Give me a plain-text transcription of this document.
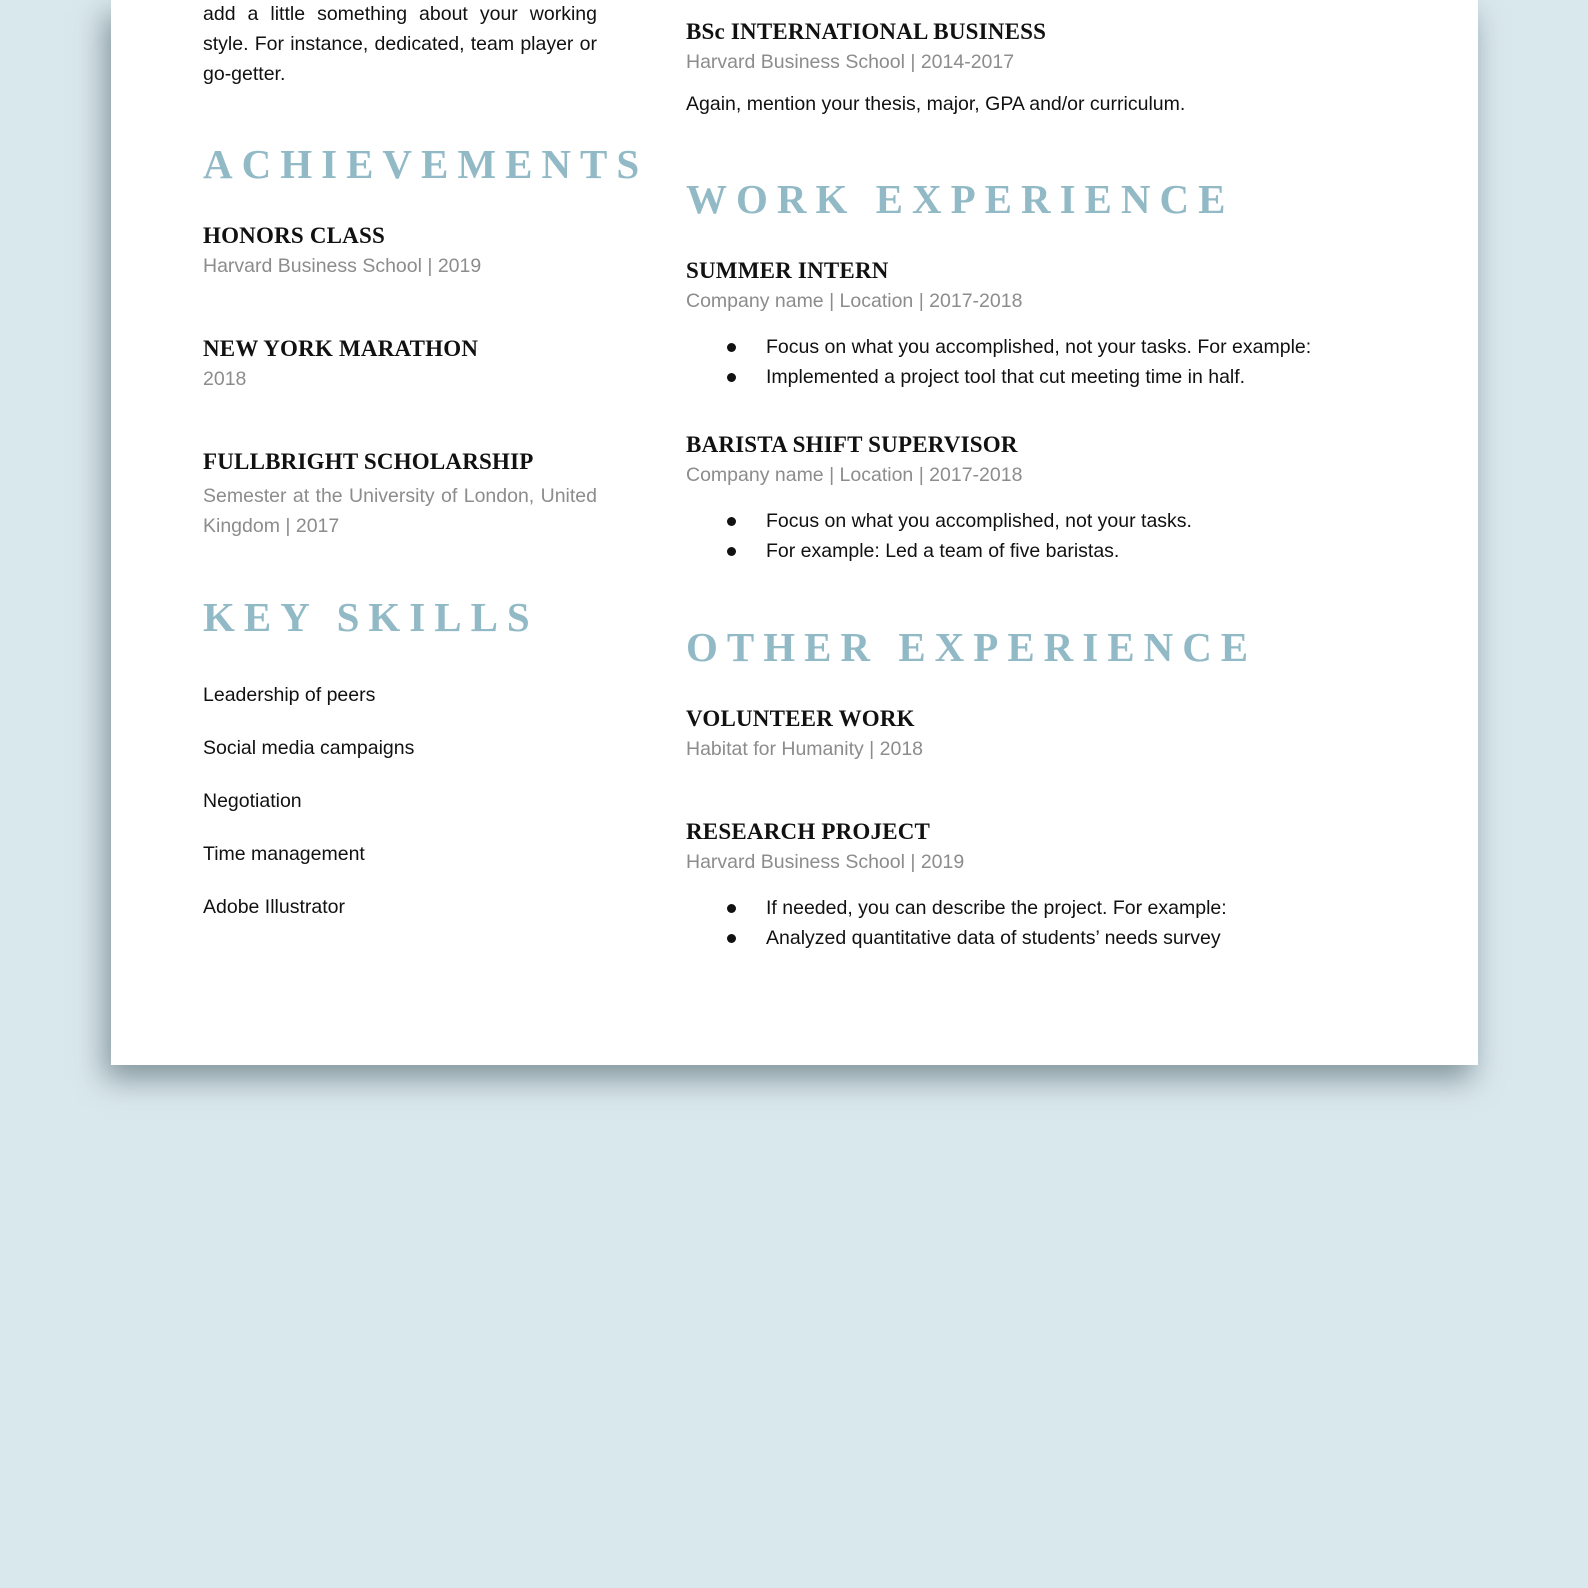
add a little something about your working style. For instance, dedicated, team player or go-getter.

ACHIEVEMENTS
HONORS CLASS
Harvard Business School | 2019
NEW YORK MARATHON
2018
FULLBRIGHT SCHOLARSHIP
Semester at the University of London, United Kingdom | 2017
KEY SKILLS
Leadership of peers
Social media campaigns
Negotiation
Time management
Adobe Illustrator
BSc INTERNATIONAL BUSINESS
Harvard Business School | 2014-2017
Again, mention your thesis, major, GPA and/or curriculum.
WORK EXPERIENCE
SUMMER INTERN
Company name | Location | 2017-2018
Focus on what you accomplished, not your tasks. For example:
Implemented a project tool that cut meeting time in half.
BARISTA SHIFT SUPERVISOR
Company name | Location | 2017-2018
Focus on what you accomplished, not your tasks.
For example: Led a team of five baristas.
OTHER EXPERIENCE
VOLUNTEER WORK
Habitat for Humanity | 2018
RESEARCH PROJECT
Harvard Business School | 2019
If needed, you can describe the project. For example:
Analyzed quantitative data of students’ needs survey
